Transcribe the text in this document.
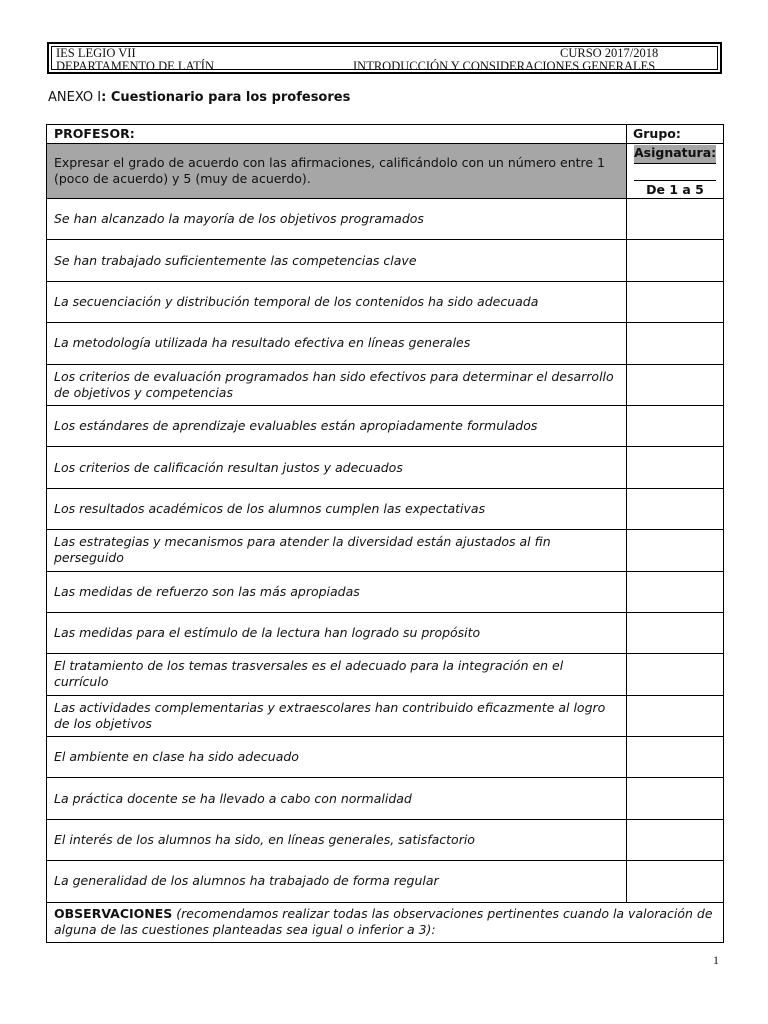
IES LEGIO VII
DEPARTAMENTO DE LATÍN
CURSO 2017/2018
INTRODUCCIÓN Y CONSIDERACIONES GENERALES
ANEXO I: Cuestionario para los profesores
PROFESOR:	Grupo:
Expresar el grado de acuerdo con las afirmaciones, calificándolo con un número entre 1 (poco de acuerdo) y 5 (muy de acuerdo).	Asignatura:
De 1 a 5

Se han alcanzado la mayoría de los objetivos programados	
Se han trabajado suficientemente las competencias clave	
La secuenciación y distribución temporal de los contenidos ha sido adecuada	
La metodología utilizada ha resultado efectiva en líneas generales	
Los criterios de evaluación programados han sido efectivos para determinar el desarrollo de objetivos y competencias	
Los estándares de aprendizaje evaluables están apropiadamente formulados	
Los criterios de calificación resultan justos y adecuados	
Los resultados académicos de los alumnos cumplen las expectativas	
Las estrategias y mecanismos para atender la diversidad están ajustados al fin perseguido	
Las medidas de refuerzo son las más apropiadas	
Las medidas para el estímulo de la lectura han logrado su propósito	
El tratamiento de los temas trasversales es el adecuado para la integración en el currículo	
Las actividades complementarias y extraescolares han contribuido eficazmente al logro de los objetivos	
El ambiente en clase ha sido adecuado	
La práctica docente se ha llevado a cabo con normalidad	
El interés de los alumnos ha sido, en líneas generales, satisfactorio	
La generalidad de los alumnos ha trabajado de forma regular	
OBSERVACIONES (recomendamos realizar todas las observaciones pertinentes cuando la valoración de alguna de las cuestiones planteadas sea igual o inferior a 3):	
1
